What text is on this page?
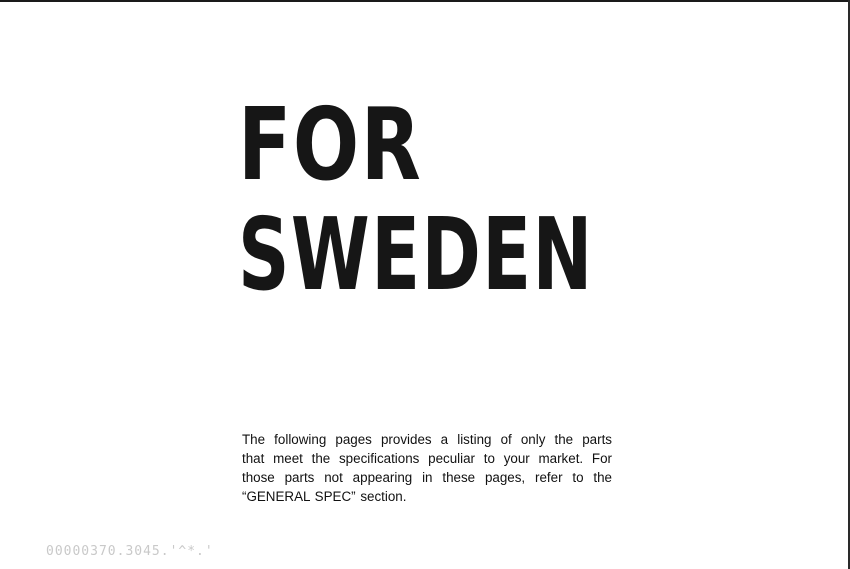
FOR
SWEDEN

The following pages provides a listing of only the parts
that meet the specifications peculiar to your market. For
those parts not appearing in these pages, refer to the
“GENERAL SPEC” section.

00000370.3045.'^*.'
